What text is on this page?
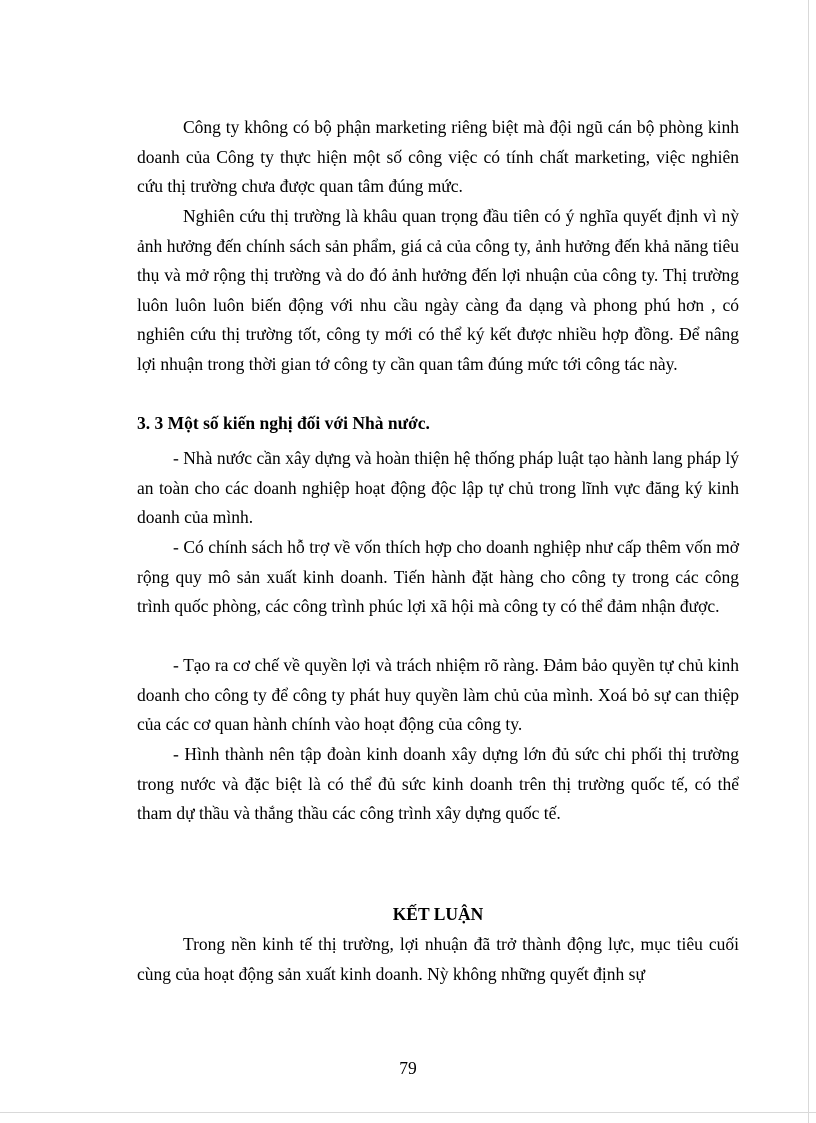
Công ty không có bộ phận marketing riêng biệt mà đội ngũ cán bộ phòng kinh doanh của Công ty thực hiện một số công việc có tính chất marketing, việc nghiên cứu thị trường chưa được quan tâm đúng mức.

Nghiên cứu thị trường là khâu quan trọng đầu tiên có ý nghĩa quyết định vì nỳ ảnh hưởng đến chính sách sản phẩm, giá cả của công ty, ảnh hưởng đến khả năng tiêu thụ và mở rộng thị trường và do đó ảnh hưởng đến lợi nhuận của công ty. Thị trường luôn luôn luôn biến động với nhu cầu ngày càng đa dạng và phong phú hơn , có nghiên cứu thị trường tốt, công ty mới có thể ký kết được nhiều hợp đồng. Để nâng lợi nhuận trong thời gian tớ công ty cần quan tâm đúng mức tới công tác này.

3. 3 Một số kiến nghị đối với Nhà nước.

- Nhà nước cần xây dựng và hoàn thiện hệ thống pháp luật tạo hành lang pháp lý an toàn cho các doanh nghiệp hoạt động độc lập tự chủ trong lĩnh vực đăng ký kinh doanh của mình.

- Có chính sách hỗ trợ về vốn thích hợp cho doanh nghiệp như cấp thêm vốn mở rộng quy mô sản xuất kinh doanh. Tiến hành đặt hàng cho công ty trong các công trình quốc phòng, các công trình phúc lợi xã hội mà công ty có thể đảm nhận được.

- Tạo ra cơ chế về quyền lợi và trách nhiệm rõ ràng. Đảm bảo quyền tự chủ kinh doanh cho công ty để công ty phát huy quyền làm chủ của mình. Xoá bỏ sự can thiệp của các cơ quan hành chính vào hoạt động của công ty.

- Hình thành nên tập đoàn kinh doanh xây dựng lớn đủ sức chi phối thị trường trong nước và đặc biệt là có thể đủ sức kinh doanh trên thị trường quốc tế, có thể tham dự thầu và thắng thầu các công trình xây dựng quốc tế.

KẾT LUẬN

Trong nền kinh tế thị trường, lợi nhuận đã trở thành động lực, mục tiêu cuối cùng của hoạt động sản xuất kinh doanh. Nỳ không những quyết định sự

79
